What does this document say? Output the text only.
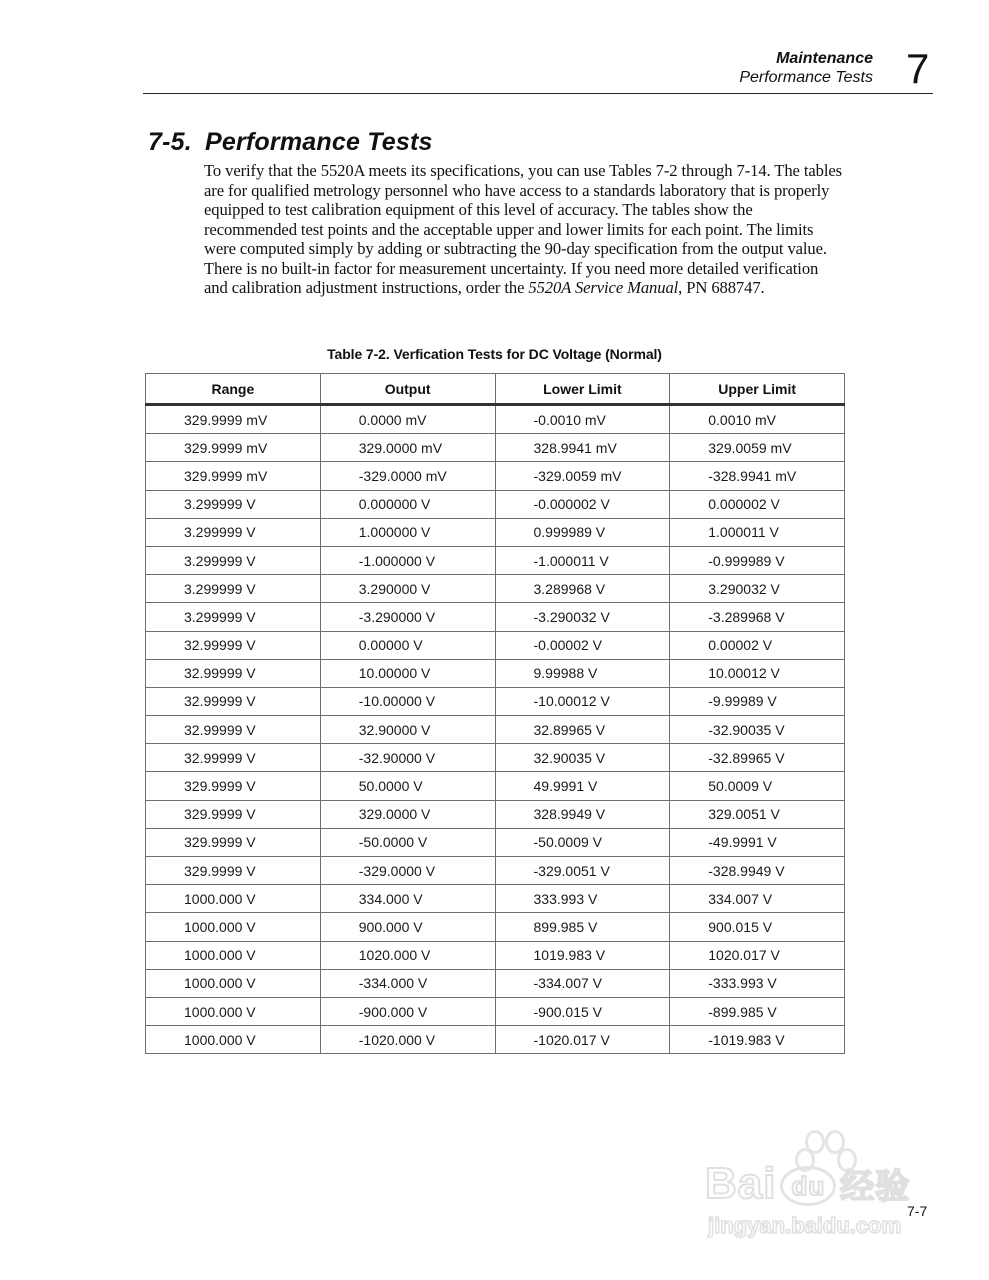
Maintenance
Performance Tests 7
7-5. Performance Tests

To verify that the 5520A meets its specifications, you can use Tables 7-2 through 7-14. The tables are for qualified metrology personnel who have access to a standards laboratory that is properly equipped to test calibration equipment of this level of accuracy. The tables show the recommended test points and the acceptable upper and lower limits for each point. The limits were computed simply by adding or subtracting the 90-day specification from the output value. There is no built-in factor for measurement uncertainty. If you need more detailed verification and calibration adjustment instructions, order the 5520A Service Manual, PN 688747.

Table 7-2. Verfication Tests for DC Voltage (Normal)
Range	Output	Lower Limit	Upper Limit
329.9999 mV	0.0000 mV	-0.0010 mV	0.0010 mV
329.9999 mV	329.0000 mV	328.9941 mV	329.0059 mV
329.9999 mV	-329.0000 mV	-329.0059 mV	-328.9941 mV
3.299999 V	0.000000 V	-0.000002 V	0.000002 V
3.299999 V	1.000000 V	0.999989 V	1.000011 V
3.299999 V	-1.000000 V	-1.000011 V	-0.999989 V
3.299999 V	3.290000 V	3.289968 V	3.290032 V
3.299999 V	-3.290000 V	-3.290032 V	-3.289968 V
32.99999 V	0.00000 V	-0.00002 V	0.00002 V
32.99999 V	10.00000 V	9.99988 V	10.00012 V
32.99999 V	-10.00000 V	-10.00012 V	-9.99989 V
32.99999 V	32.90000 V	32.89965 V	-32.90035 V
32.99999 V	-32.90000 V	32.90035 V	-32.89965 V
329.9999 V	50.0000 V	49.9991 V	50.0009 V
329.9999 V	329.0000 V	328.9949 V	329.0051 V
329.9999 V	-50.0000 V	-50.0009 V	-49.9991 V
329.9999 V	-329.0000 V	-329.0051 V	-328.9949 V
1000.000 V	334.000 V	333.993 V	334.007 V
1000.000 V	900.000 V	899.985 V	900.015 V
1000.000 V	1020.000 V	1019.983 V	1020.017 V
1000.000 V	-334.000 V	-334.007 V	-333.993 V
1000.000 V	-900.000 V	-900.015 V	-899.985 V
1000.000 V	-1020.000 V	-1020.017 V	-1019.983 V
7-7
Bai du 经验
jingyan.baidu.com
